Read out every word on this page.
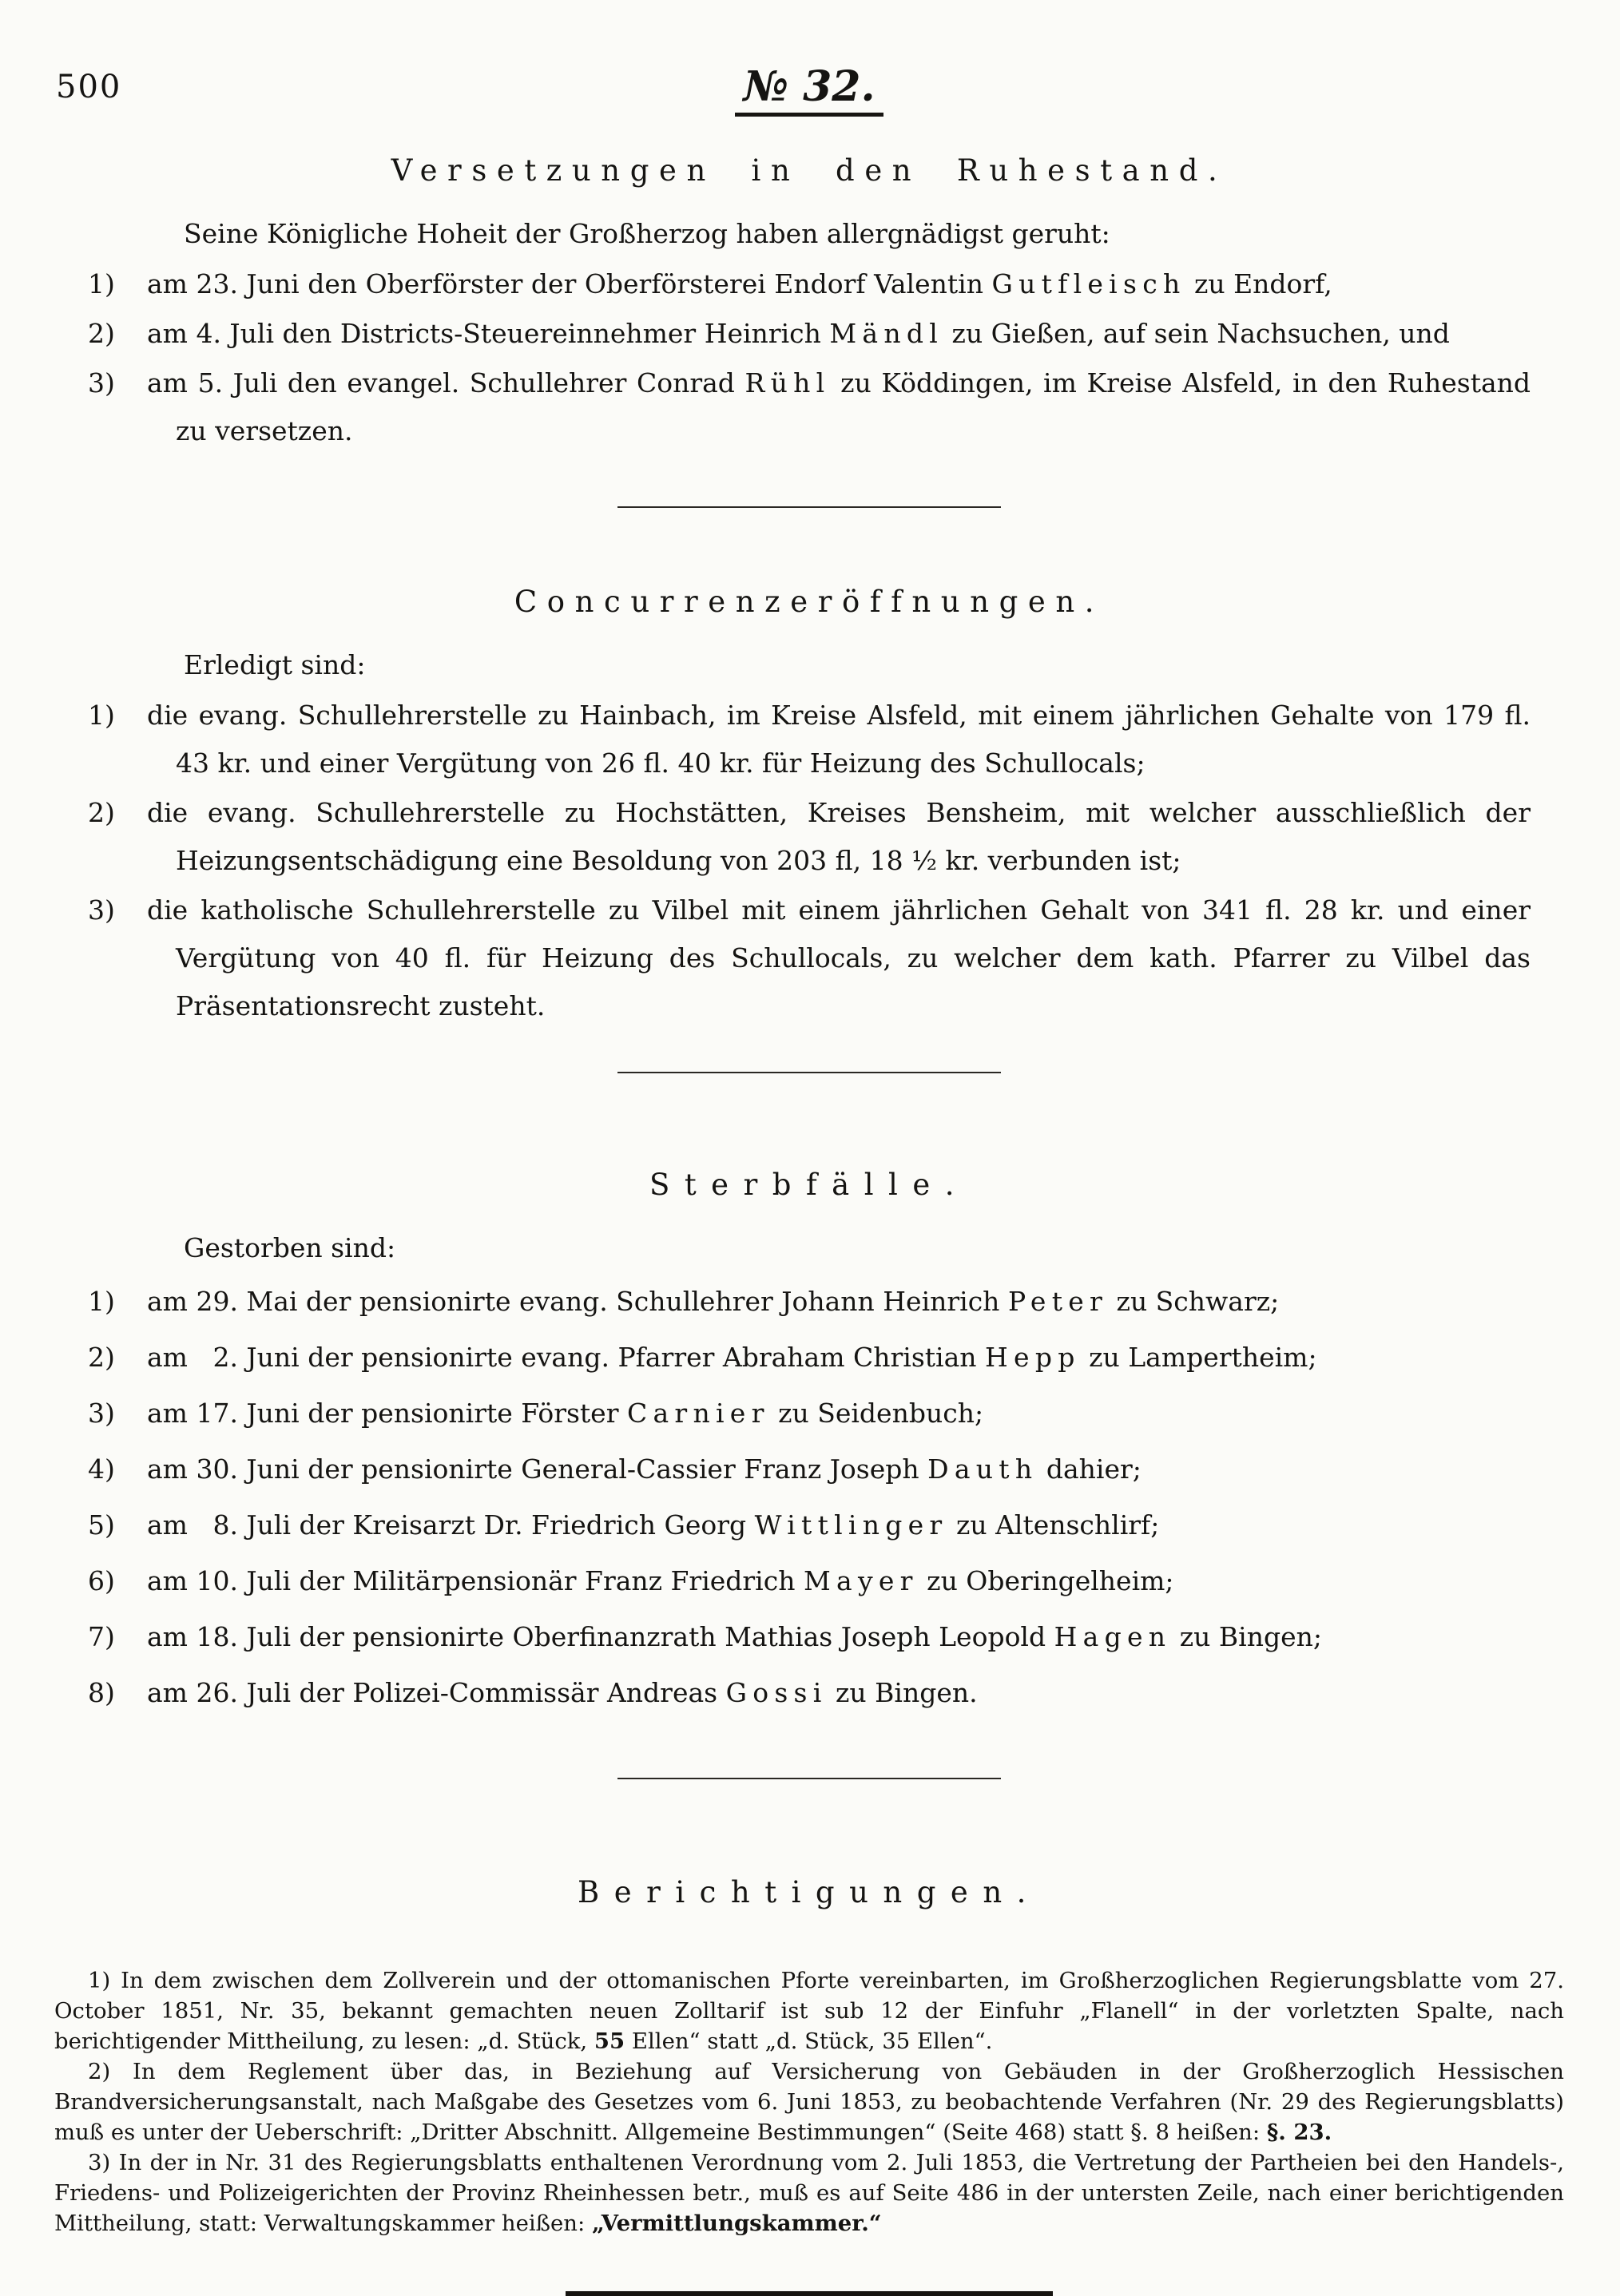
500	№ 32.
Versetzungen in den Ruhestand.

Seine Königliche Hoheit der Großherzog haben allergnädigst geruht:

1) am 23. Juni den Oberförster der Oberförsterei Endorf Valentin Gutfleisch zu Endorf,

2) am 4. Juli den Districts-Steuereinnehmer Heinrich Mändl zu Gießen, auf sein Nachsuchen, und

3) am 5. Juli den evangel. Schullehrer Conrad Rühl zu Köddingen, im Kreise Alsfeld, in den Ruhestand zu versetzen.

Concurrenzeröffnungen.

Erledigt sind:

1) die evang. Schullehrerstelle zu Hainbach, im Kreise Alsfeld, mit einem jährlichen Gehalte von 179 fl. 43 kr. und einer Vergütung von 26 fl. 40 kr. für Heizung des Schullocals;

2) die evang. Schullehrerstelle zu Hochstätten, Kreises Bensheim, mit welcher ausschließlich der Heizungsentschädigung eine Besoldung von 203 fl, 18 ½ kr. verbunden ist;

3) die katholische Schullehrerstelle zu Vilbel mit einem jährlichen Gehalt von 341 fl. 28 kr. und einer Vergütung von 40 fl. für Heizung des Schullocals, zu welcher dem kath. Pfarrer zu Vilbel das Präsentationsrecht zusteht.

Sterbfälle.

Gestorben sind:

1) am 29. Mai der pensionirte evang. Schullehrer Johann Heinrich Peter zu Schwarz;

2) am  2. Juni der pensionirte evang. Pfarrer Abraham Christian Hepp zu Lampertheim;

3) am 17. Juni der pensionirte Förster Carnier zu Seidenbuch;

4) am 30. Juni der pensionirte General-Cassier Franz Joseph Dauth dahier;

5) am  8. Juli der Kreisarzt Dr. Friedrich Georg Wittlinger zu Altenschlirf;

6) am 10. Juli der Militärpensionär Franz Friedrich Mayer zu Oberingelheim;

7) am 18. Juli der pensionirte Oberfinanzrath Mathias Joseph Leopold Hagen zu Bingen;

8) am 26. Juli der Polizei-Commissär Andreas Gossi zu Bingen.

Berichtigungen.

1) In dem zwischen dem Zollverein und der ottomanischen Pforte vereinbarten, im Großherzoglichen Regierungsblatte vom 27. October 1851, Nr. 35, bekannt gemachten neuen Zolltarif ist sub 12 der Einfuhr „Flanell“ in der vorletzten Spalte, nach berichtigender Mittheilung, zu lesen: „d. Stück, 55 Ellen“ statt „d. Stück, 35 Ellen“.

2) In dem Reglement über das, in Beziehung auf Versicherung von Gebäuden in der Großherzoglich Hessischen Brandversicherungsanstalt, nach Maßgabe des Gesetzes vom 6. Juni 1853, zu beobachtende Verfahren (Nr. 29 des Regierungsblatts) muß es unter der Ueberschrift: „Dritter Abschnitt. Allgemeine Bestimmungen“ (Seite 468) statt §. 8 heißen: §. 23.

3) In der in Nr. 31 des Regierungsblatts enthaltenen Verordnung vom 2. Juli 1853, die Vertretung der Partheien bei den Handels-, Friedens- und Polizeigerichten der Provinz Rheinhessen betr., muß es auf Seite 486 in der untersten Zeile, nach einer berichtigenden Mittheilung, statt: Verwaltungskammer heißen: „Vermittlungskammer.“
